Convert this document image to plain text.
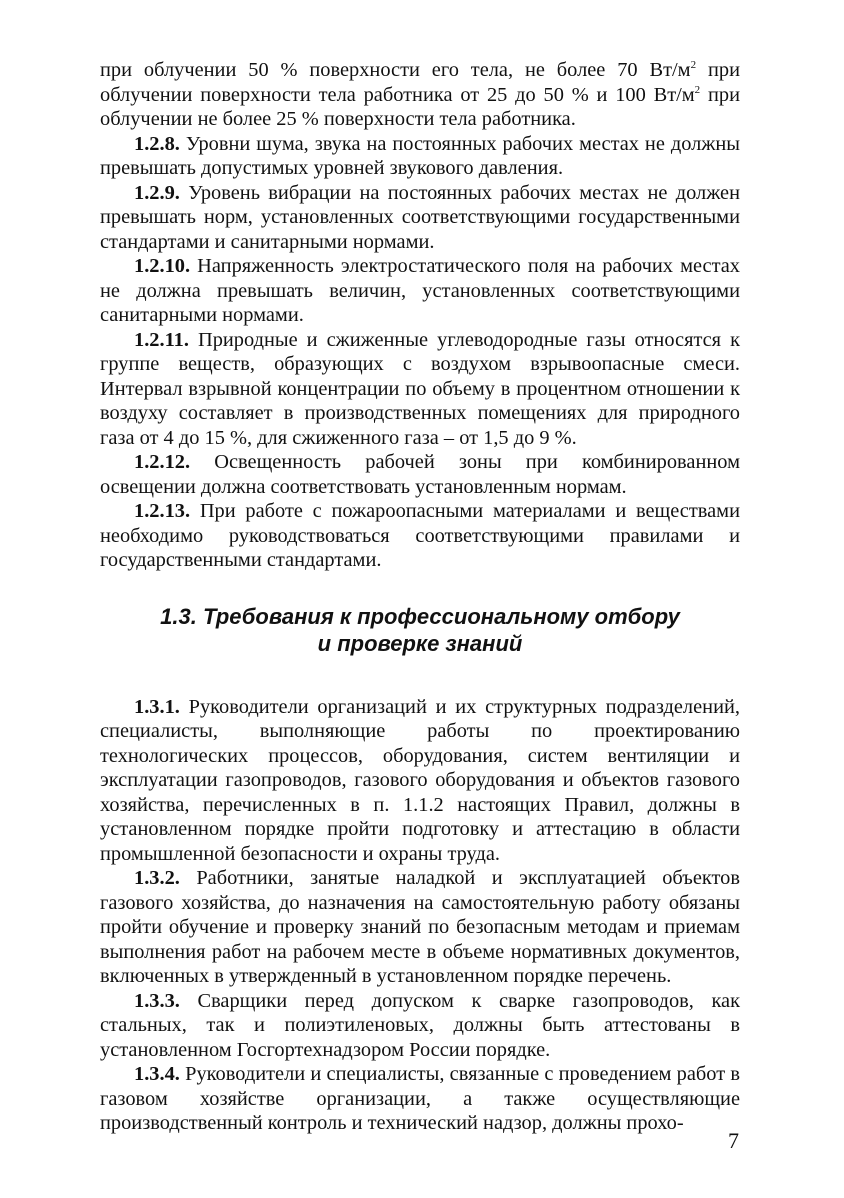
при облучении 50 % поверхности его тела, не более 70 $Вт/м^2$ при облучении поверхности тела работника от 25 до 50 % и 100 $Вт/м^2$ при облучении не более 25 % поверхности тела работника.

1.2.8. Уровни шума, звука на постоянных рабочих местах не должны превышать допустимых уровней звукового давления.

1.2.9. Уровень вибрации на постоянных рабочих местах не должен превышать норм, установленных соответствующими государственными стандартами и санитарными нормами.

1.2.10. Напряженность электростатического поля на рабочих местах не должна превышать величин, установленных соответствующими санитарными нормами.

1.2.11. Природные и сжиженные углеводородные газы относятся к группе веществ, образующих с воздухом взрывоопасные смеси. Интервал взрывной концентрации по объему в процентном отношении к воздуху составляет в производственных помещениях для природного газа от 4 до 15 %, для сжиженного газа – от 1,5 до 9 %.

1.2.12. Освещенность рабочей зоны при комбинированном освещении должна соответствовать установленным нормам.

1.2.13. При работе с пожароопасными материалами и веществами необходимо руководствоваться соответствующими правилами и государственными стандартами.

1.3. Требования к профессиональному отбору
и проверке знаний

1.3.1. Руководители организаций и их структурных подразделений, специалисты, выполняющие работы по проектированию технологических процессов, оборудования, систем вентиляции и эксплуатации газопроводов, газового оборудования и объектов газового хозяйства, перечисленных в п. 1.1.2 настоящих Правил, должны в установленном порядке пройти подготовку и аттестацию в области промышленной безопасности и охраны труда.

1.3.2. Работники, занятые наладкой и эксплуатацией объектов газового хозяйства, до назначения на самостоятельную работу обязаны пройти обучение и проверку знаний по безопасным методам и приемам выполнения работ на рабочем месте в объеме нормативных документов, включенных в утвержденный в установленном порядке перечень.

1.3.3. Сварщики перед допуском к сварке газопроводов, как стальных, так и полиэтиленовых, должны быть аттестованы в установленном Госгортехнадзором России порядке.

1.3.4. Руководители и специалисты, связанные с проведением работ в газовом хозяйстве организации, а также осуществляющие производственный контроль и технический надзор, должны прохо-

7
